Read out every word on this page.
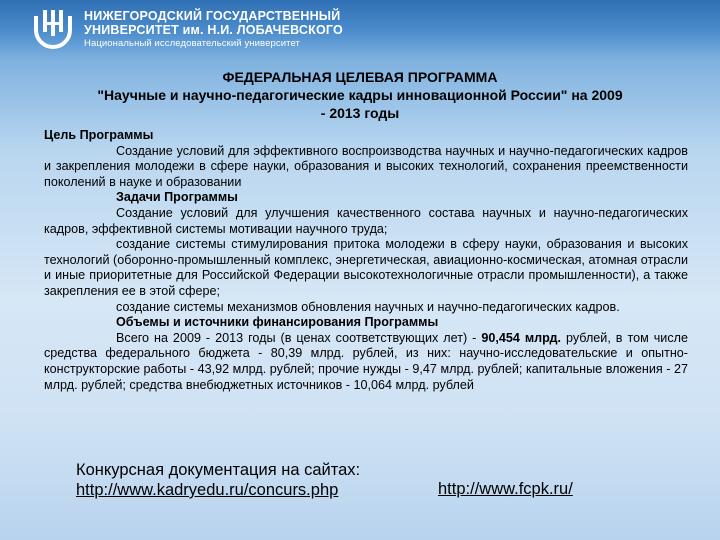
НИЖЕГОРОДСКИЙ ГОСУДАРСТВЕННЫЙ
УНИВЕРСИТЕТ им. Н.И. ЛОБАЧЕВСКОГО
Национальный исследовательский университет
ФЕДЕРАЛЬНАЯ ЦЕЛЕВАЯ ПРОГРАММА
"Научные и научно-педагогические кадры инновационной России" на 2009
- 2013 годы

Цель Программы

Создание условий для эффективного воспроизводства научных и научно-педагогических кадров и закрепления молодежи в сфере науки, образования и высоких технологий, сохранения преемственности поколений в науке и образовании

Задачи Программы

Создание условий для улучшения качественного состава научных и научно-педагогических кадров, эффективной системы мотивации научного труда;

создание системы стимулирования притока молодежи в сферу науки, образования и высоких технологий (оборонно-промышленный комплекс, энергетическая, авиационно-космическая, атомная отрасли и иные приоритетные для Российской Федерации высокотехнологичные отрасли промышленности), а также закрепления ее в этой сфере;

создание системы механизмов обновления научных и научно-педагогических кадров.

Объемы и источники финансирования Программы

Всего на 2009 - 2013 годы (в ценах соответствующих лет) - 90,454 млрд. рублей, в том числе средства федерального бюджета - 80,39 млрд. рублей, из них: научно-исследовательские и опытно-конструкторские работы - 43,92 млрд. рублей; прочие нужды - 9,47 млрд. рублей; капитальные вложения - 27 млрд. рублей; средства внебюджетных источников - 10,064 млрд. рублей

Конкурсная документация на сайтах:
http://www.kadryedu.ru/concurs.php	http://www.fcpk.ru/
